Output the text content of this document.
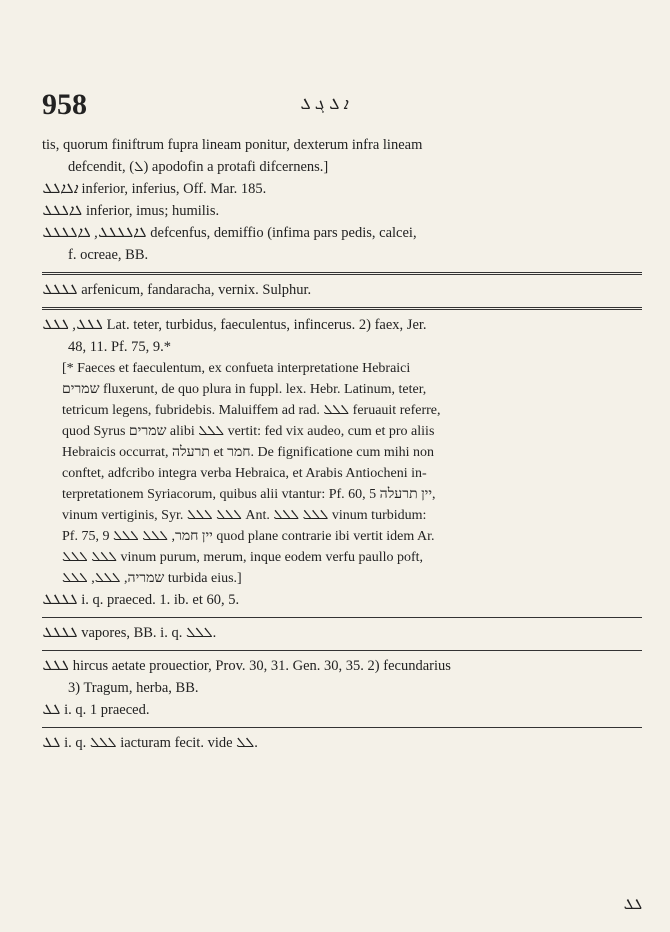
958	ܐ ܠ ܓ ܠ

tis, quorum finiftrum fupra lineam ponitur, dexterum infra lineam

defcendit, (ܠ) apodofin a protafi difcernens.]

ܐܠܐܠܠ inferior, inferius, Off. Mar. 185.

ܠܐܠܠܠ inferior, imus; humilis.

ܠܐܠܠܠܠ, ܠܐܠܠܠܠ defcenfus, demiffio (infima pars pedis, calcei,

f. ocreae, BB.

ܠܠܠܠ arfenicum, fandaracha, vernix. Sulphur.

ܠܠܠ, ܠܠܠ Lat. teter, turbidus, faeculentus, infincerus. 2) faex, Jer.

48, 11. Pf. 75, 9.*

[* Faeces et faeculentum, ex confueta interpretatione Hebraici

שמרים fluxerunt, de quo plura in fuppl. lex. Hebr. Latinum, teter,

tetricum legens, fubridebis. Maluiffem ad rad. ܠܠܠ feruauit referre,

quod Syrus שמרים alibi ܠܠܠ vertit: fed vix audeo, cum et pro aliis

Hebraicis occurrat, תרעלה et חמר. De fignificatione cum mihi non

conftet, adfcribo integra verba Hebraica, et Arabis Antiocheni in-

terpretationem Syriacorum, quibus alii vtantur: Pf. 60, 5 יין תרעלה,

vinum vertiginis, Syr. ܠܠܠ ܠܠܠ Ant. ܠܠܠ ܠܠܠ vinum turbidum:

Pf. 75, 9 יין חמר, ܠܠܠ ܠܠܠ quod plane contrarie ibi vertit idem Ar.

ܠܠܠ ܠܠܠ vinum purum, merum, inque eodem verfu paullo poft,

שמריה, ܠܠܠ, ܠܠܠ turbida eius.]

ܠܠܠܠ i. q. praeced. 1. ib. et 60, 5.

ܠܠܠܠ vapores, BB. i. q. ܠܠܠ.

ܠܠܠ hircus aetate prouectior, Prov. 30, 31. Gen. 30, 35. 2) fecundarius

3) Tragum, herba, BB.

ܠܠ i. q. 1 praeced.

ܠܠ i. q. ܠܠܠ iacturam fecit. vide ܠܠ.

ܠܠ
